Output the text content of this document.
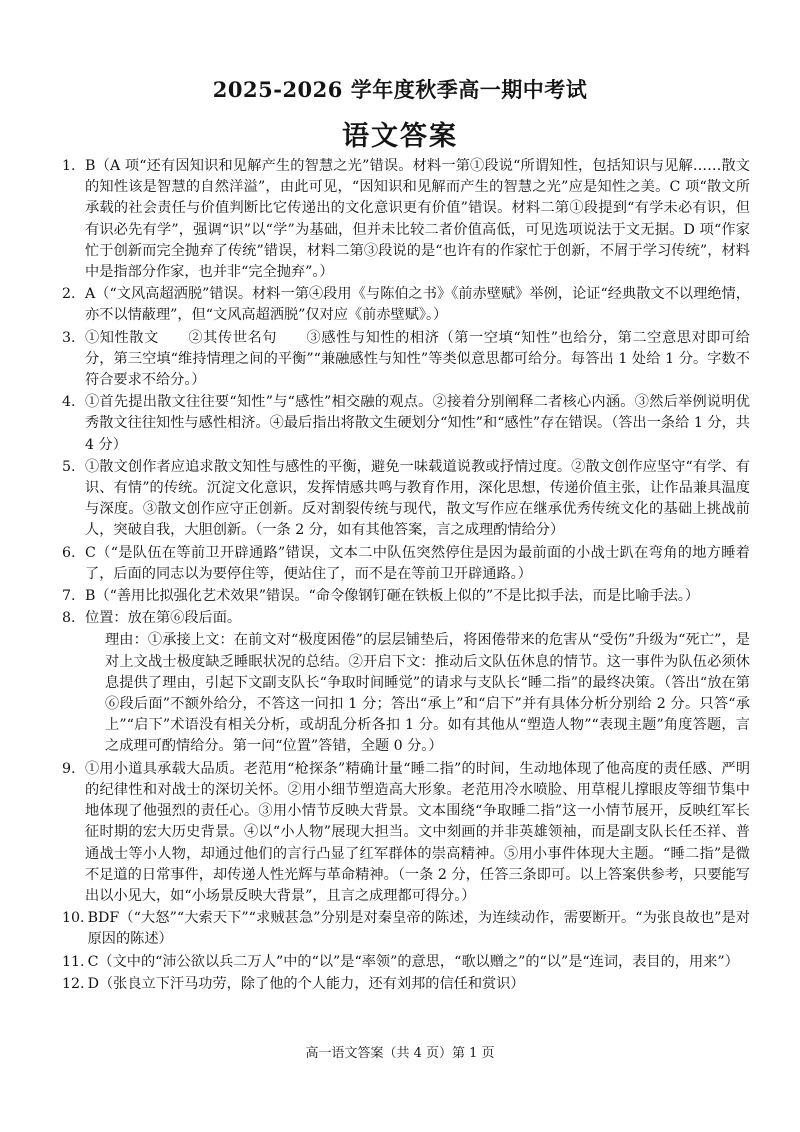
2025-2026 学年度秋季高一期中考试
语文答案
1. B（A 项“还有因知识和见解产生的智慧之光”错误。材料一第①段说“所谓知性，包括知识与见解……散文的知性该是智慧的自然洋溢”，由此可见，“因知识和见解而产生的智慧之光”应是知性之美。C 项“散文所承载的社会责任与价值判断比它传递出的文化意识更有价值”错误。材料二第①段提到“有学未必有识，但有识必先有学”，强调“识”以“学”为基础，但并未比较二者价值高低，可见选项说法于文无据。D 项“作家忙于创新而完全抛弃了传统”错误，材料二第③段说的是“也许有的作家忙于创新，不屑于学习传统”，材料中是指部分作家，也并非“完全抛弃”。）
2. A（“文风高超洒脱”错误。材料一第④段用《与陈伯之书》《前赤壁赋》举例，论证“经典散文不以理绝情，亦不以情蔽理”，但“文风高超洒脱”仅对应《前赤壁赋》。）
3. ①知性散文　　②其传世名句　　③感性与知性的相济（第一空填“知性”也给分，第二空意思对即可给分，第三空填“维持情理之间的平衡”“兼融感性与知性”等类似意思都可给分。每答出 1 处给 1 分。字数不符合要求不给分。）
4. ①首先提出散文往往要“知性”与“感性”相交融的观点。②接着分别阐释二者核心内涵。③然后举例说明优秀散文往往知性与感性相济。④最后指出将散文生硬划分“知性”和“感性”存在错误。（答出一条给 1 分，共 4 分）
5. ①散文创作者应追求散文知性与感性的平衡，避免一味载道说教或抒情过度。②散文创作应坚守“有学、有识、有情”的传统。沉淀文化意识，发挥情感共鸣与教育作用，深化思想，传递价值主张，让作品兼具温度与深度。③散文创作应守正创新。反对割裂传统与现代，散文写作应在继承优秀传统文化的基础上挑战前人，突破自我，大胆创新。（一条 2 分，如有其他答案，言之成理酌情给分）
6. C（“是队伍在等前卫开辟通路”错误，文本二中队伍突然停住是因为最前面的小战士趴在弯角的地方睡着了，后面的同志以为要停住等，便站住了，而不是在等前卫开辟通路。）
7. B（“善用比拟强化艺术效果”错误。“命令像钢钉砸在铁板上似的”不是比拟手法，而是比喻手法。）
8. 位置：放在第⑥段后面。
理由：①承接上文：在前文对“极度困倦”的层层铺垫后，将困倦带来的危害从“受伤”升级为“死亡”，是对上文战士极度缺乏睡眠状况的总结。②开启下文：推动后文队伍休息的情节。这一事件为队伍必须休息提供了理由，引起下文副支队长“争取时间睡觉”的请求与支队长“睡二指”的最终决策。（答出“放在第⑥段后面”不额外给分，不答这一问扣 1 分；答出“承上”和“启下”并有具体分析分别给 2 分。只答“承上”“启下”术语没有相关分析，或胡乱分析各扣 1 分。如有其他从“塑造人物”“表现主题”角度答题，言之成理可酌情给分。第一问“位置”答错，全题 0 分。）
9. ①用小道具承载大品质。老范用“枪探条”精确计量“睡二指”的时间，生动地体现了他高度的责任感、严明的纪律性和对战士的深切关怀。②用小细节塑造高大形象。老范用冷水喷脸、用草棍儿撑眼皮等细节集中地体现了他强烈的责任心。③用小情节反映大背景。文本围绕“争取睡二指”这一小情节展开，反映红军长征时期的宏大历史背景。④以“小人物”展现大担当。文中刻画的并非英雄领袖，而是副支队长任丕祥、普通战士等小人物，却通过他们的言行凸显了红军群体的崇高精神。⑤用小事件体现大主题。“睡二指”是微不足道的日常事件，却传递人性光辉与革命精神。（一条 2 分，任答三条即可。以上答案供参考，只要能写出以小见大，如“小场景反映大背景”，且言之成理都可得分。）
10. BDF（“大怒”“大索天下”“求贼甚急”分别是对秦皇帝的陈述，为连续动作，需要断开。“为张良故也”是对原因的陈述）
11. C（文中的“沛公欲以兵二万人”中的“以”是“率领”的意思，“歌以赠之”的“以”是“连词，表目的，用来”）
12. D（张良立下汗马功劳，除了他的个人能力，还有刘邦的信任和赏识）
高一语文答案（共 4 页）第 1 页
